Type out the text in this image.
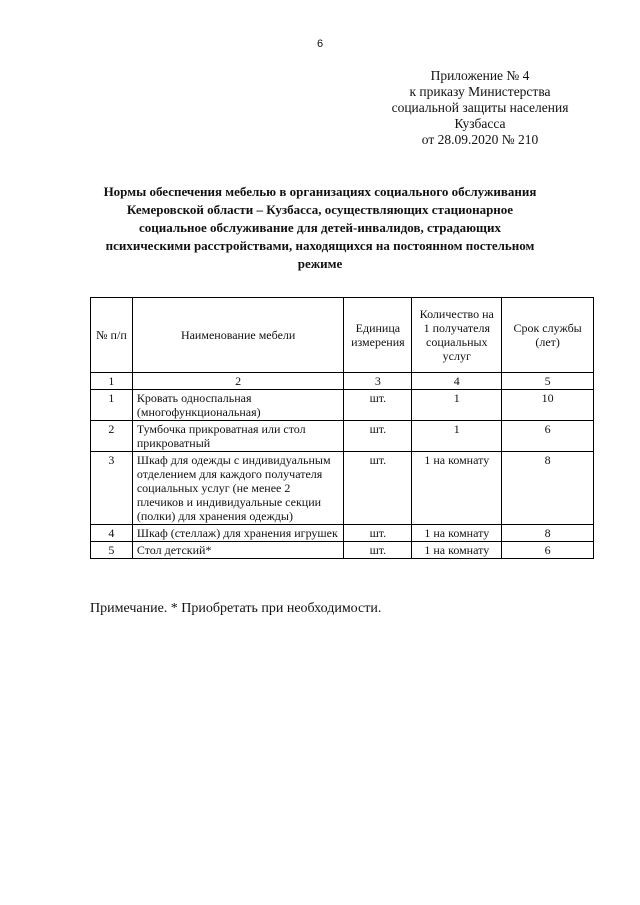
6
Приложение № 4
к приказу Министерства
социальной защиты населения
Кузбасса
от 28.09.2020 № 210
Нормы обеспечения мебелью в организациях социального обслуживания
Кемеровской области – Кузбасса, осуществляющих стационарное
социальное обслуживание для детей-инвалидов, страдающих
психическими расстройствами, находящихся на постоянном постельном
режиме
№ п/п	Наименование мебели	Единица измерения	Количество на 1 получателя социальных услуг	Срок службы (лет)
1	2	3	4	5
1	Кровать односпальная (многофункциональная)	шт.	1	10
2	Тумбочка прикроватная или стол прикроватный	шт.	1	6
3	Шкаф для одежды с индивидуальным отделением для каждого получателя социальных услуг (не менее 2 плечиков и индивидуальные секции (полки) для хранения одежды)	шт.	1 на комнату	8
4	Шкаф (стеллаж) для хранения игрушек	шт.	1 на комнату	8
5	Стол детский*	шт.	1 на комнату	6
Примечание. * Приобретать при необходимости.
